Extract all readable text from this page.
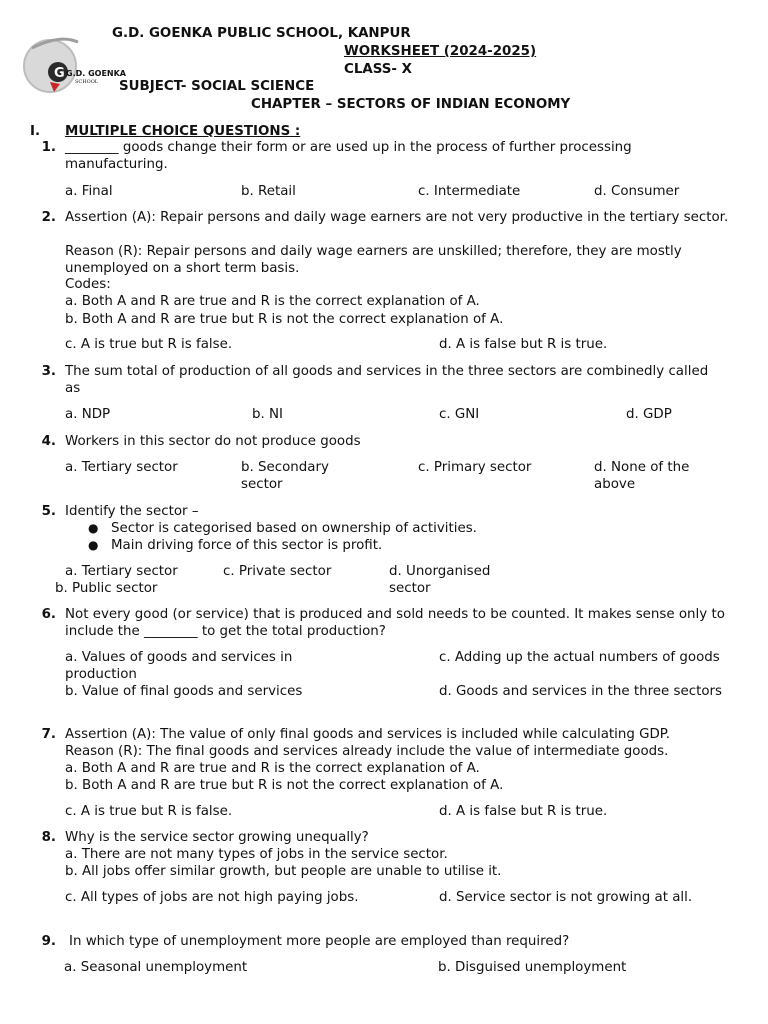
G G.D. GOENKA
SCHOOL
G.D. GOENKA PUBLIC SCHOOL, KANPUR
WORKSHEET (2024-2025)
CLASS- X
SUBJECT- SOCIAL SCIENCE
CHAPTER – SECTORS OF INDIAN ECONOMY
I. MULTIPLE CHOICE QUESTIONS :
1. ________ goods change their form or are used up in the process of further processing manufacturing.
a. Final	b. Retail	c. Intermediate	d. Consumer
2. Assertion (A): Repair persons and daily wage earners are not very productive in the tertiary sector.
Reason (R): Repair persons and daily wage earners are unskilled; therefore, they are mostly unemployed on a short term basis.
Codes:
a. Both A and R are true and R is the correct explanation of A.
b. Both A and R are true but R is not the correct explanation of A.
c. A is true but R is false.	d. A is false but R is true.
3. The sum total of production of all goods and services in the three sectors are combinedly called as
a. NDP	b. NI	c. GNI	d. GDP
4. Workers in this sector do not produce goods
a. Tertiary sector	b. Secondary sector
c. Primary sector	d. None of the above
5. Identify the sector –
● Sector is categorised based on ownership of activities.
● Main driving force of this sector is profit.
a. Tertiary sector
b. Public sector
c. Private sector	d. Unorganised sector
6. Not every good (or service) that is produced and sold needs to be counted. It makes sense only to include the ________ to get the total production?
a. Values of goods and services in production
b. Value of final goods and services
c. Adding up the actual numbers of goods
d. Goods and services in the three sectors
7. Assertion (A): The value of only final goods and services is included while calculating GDP.
Reason (R): The final goods and services already include the value of intermediate goods.
a. Both A and R are true and R is the correct explanation of A.
b. Both A and R are true but R is not the correct explanation of A.
c. A is true but R is false.	d. A is false but R is true.
8. Why is the service sector growing unequally?
a. There are not many types of jobs in the service sector.
b. All jobs offer similar growth, but people are unable to utilise it.
c. All types of jobs are not high paying jobs.	d. Service sector is not growing at all.
9. In which type of unemployment more people are employed than required?
a. Seasonal unemployment	b. Disguised unemployment
